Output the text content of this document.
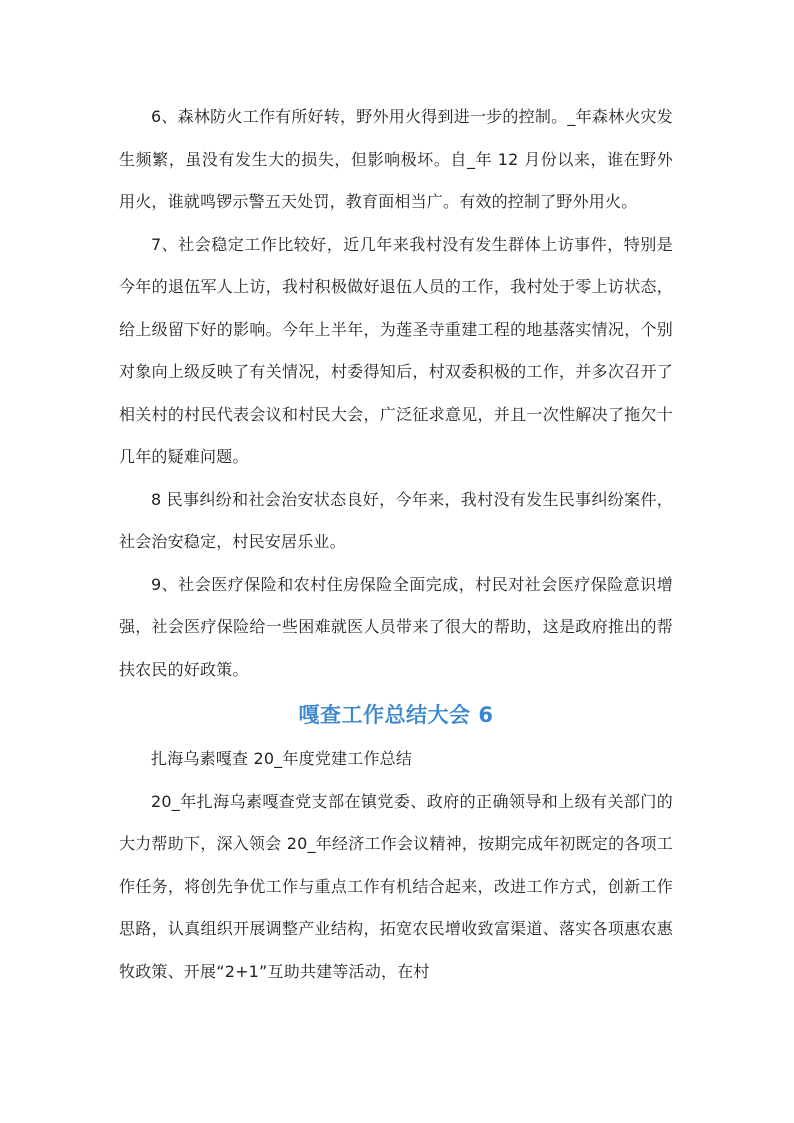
6、森林防火工作有所好转，野外用火得到进一步的控制。_年森林火灾发生频繁，虽没有发生大的损失，但影响极坏。自_年 12 月份以来，谁在野外用火，谁就鸣锣示警五天处罚，教育面相当广。有效的控制了野外用火。

7、社会稳定工作比较好，近几年来我村没有发生群体上访事件，特别是今年的退伍军人上访，我村积极做好退伍人员的工作，我村处于零上访状态，给上级留下好的影响。今年上半年，为莲圣寺重建工程的地基落实情况，个别对象向上级反映了有关情况，村委得知后，村双委积极的工作，并多次召开了相关村的村民代表会议和村民大会，广泛征求意见，并且一次性解决了拖欠十几年的疑难问题。

8 民事纠纷和社会治安状态良好，今年来，我村没有发生民事纠纷案件，社会治安稳定，村民安居乐业。

9、社会医疗保险和农村住房保险全面完成，村民对社会医疗保险意识增强，社会医疗保险给一些困难就医人员带来了很大的帮助，这是政府推出的帮扶农民的好政策。

嘎查工作总结大会 6

扎海乌素嘎查 20_年度党建工作总结

20_年扎海乌素嘎查党支部在镇党委、政府的正确领导和上级有关部门的大力帮助下，深入领会 20_年经济工作会议精神，按期完成年初既定的各项工作任务，将创先争优工作与重点工作有机结合起来，改进工作方式，创新工作思路，认真组织开展调整产业结构，拓宽农民增收致富渠道、落实各项惠农惠牧政策、开展“2+1”互助共建等活动，在村
